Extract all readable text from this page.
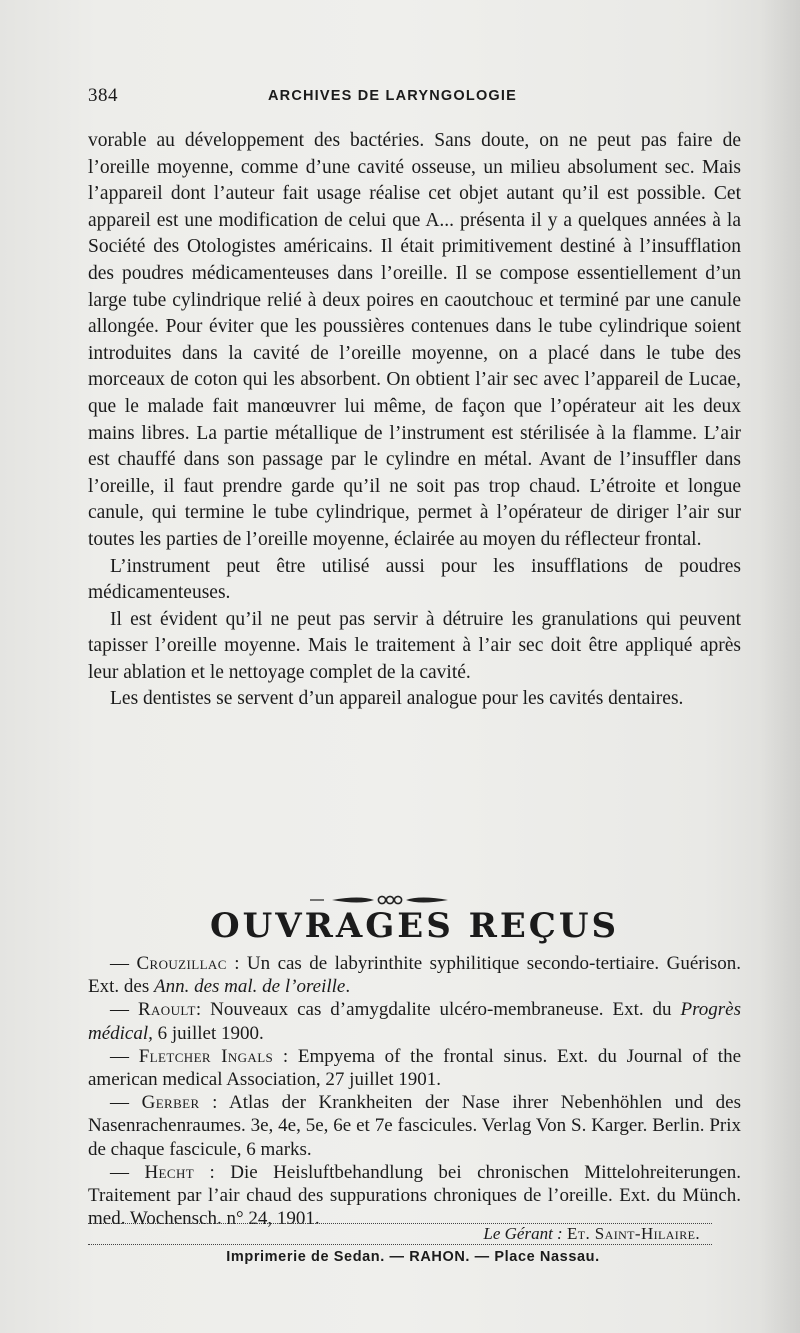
384	ARCHIVES DE LARYNGOLOGIE

vorable au développement des bactéries. Sans doute, on ne peut pas faire de l’oreille moyenne, comme d’une cavité osseuse, un milieu absolument sec. Mais l’appareil dont l’auteur fait usage réalise cet objet autant qu’il est possible. Cet appareil est une modification de celui que A... présenta il y a quelques années à la Société des Otologistes américains. Il était primitivement destiné à l’insufflation des poudres médicamenteuses dans l’oreille. Il se compose essentiellement d’un large tube cylindrique relié à deux poires en caoutchouc et terminé par une canule allongée. Pour éviter que les poussières contenues dans le tube cylindrique soient introduites dans la cavité de l’oreille moyenne, on a placé dans le tube des morceaux de coton qui les absorbent. On obtient l’air sec avec l’appareil de Lucae, que le malade fait manœuvrer lui même, de façon que l’opérateur ait les deux mains libres. La partie métallique de l’instrument est stérilisée à la flamme. L’air est chauffé dans son passage par le cylindre en métal. Avant de l’insuffler dans l’oreille, il faut prendre garde qu’il ne soit pas trop chaud. L’étroite et longue canule, qui termine le tube cylindrique, permet à l’opérateur de diriger l’air sur toutes les parties de l’oreille moyenne, éclairée au moyen du réflecteur frontal.

L’instrument peut être utilisé aussi pour les insufflations de poudres médicamenteuses.

Il est évident qu’il ne peut pas servir à détruire les granulations qui peuvent tapisser l’oreille moyenne. Mais le traitement à l’air sec doit être appliqué après leur ablation et le nettoyage complet de la cavité.

Les dentistes se servent d’un appareil analogue pour les cavités dentaires.

OUVRAGES REÇUS

— Crouzillac : Un cas de labyrinthite syphilitique secondo-tertiaire. Guérison. Ext. des Ann. des mal. de l’oreille.

— Raoult: Nouveaux cas d’amygdalite ulcéro-membraneuse. Ext. du Progrès médical, 6 juillet 1900.

— Fletcher Ingals : Empyema of the frontal sinus. Ext. du Journal of the american medical Association, 27 juillet 1901.

— Gerber : Atlas der Krankheiten der Nase ihrer Nebenhöhlen und des Nasenrachenraumes. 3e, 4e, 5e, 6e et 7e fascicules. Verlag Von S. Karger. Berlin. Prix de chaque fascicule, 6 marks.

— Hecht : Die Heisluftbehandlung bei chronischen Mittelohreiterungen. Traitement par l’air chaud des suppurations chroniques de l’oreille. Ext. du Münch. med. Wochensch. n° 24, 1901.

Le Gérant : Et. Saint-Hilaire.
Imprimerie de Sedan. — RAHON. — Place Nassau.
